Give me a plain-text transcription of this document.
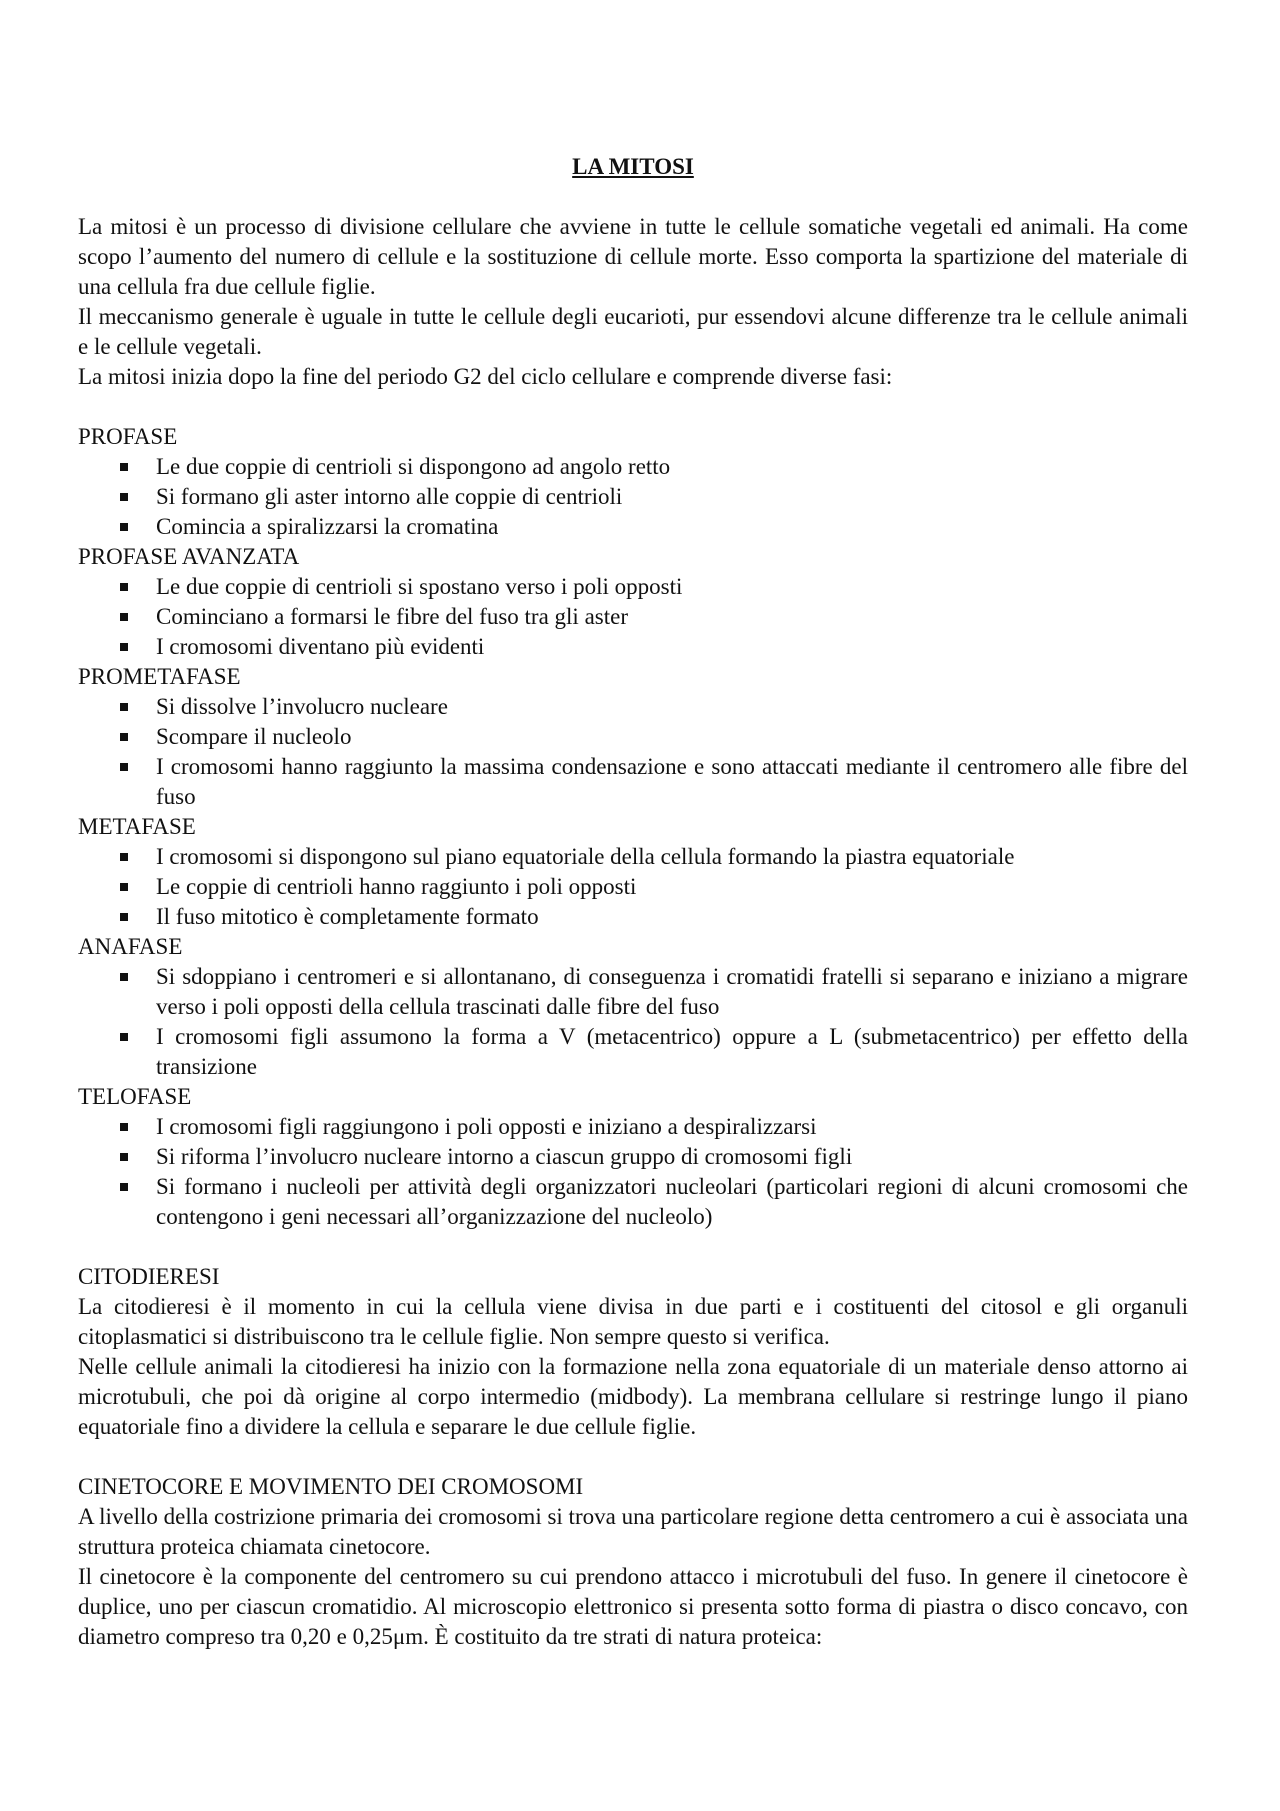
LA MITOSI

La mitosi è un processo di divisione cellulare che avviene in tutte le cellule somatiche vegetali ed animali. Ha come scopo l’aumento del numero di cellule e la sostituzione di cellule morte. Esso comporta la spartizione del materiale di una cellula fra due cellule figlie.

Il meccanismo generale è uguale in tutte le cellule degli eucarioti, pur essendovi alcune differenze tra le cellule animali e le cellule vegetali.

La mitosi inizia dopo la fine del periodo G2 del ciclo cellulare e comprende diverse fasi:

PROFASE
Le due coppie di centrioli si dispongono ad angolo retto
Si formano gli aster intorno alle coppie di centrioli
Comincia a spiralizzarsi la cromatina
PROFASE AVANZATA
Le due coppie di centrioli si spostano verso i poli opposti
Cominciano a formarsi le fibre del fuso tra gli aster
I cromosomi diventano più evidenti
PROMETAFASE
Si dissolve l’involucro nucleare
Scompare il nucleolo
I cromosomi hanno raggiunto la massima condensazione e sono attaccati mediante il centromero alle fibre del fuso
METAFASE
I cromosomi si dispongono sul piano equatoriale della cellula formando la piastra equatoriale
Le coppie di centrioli hanno raggiunto i poli opposti
Il fuso mitotico è completamente formato
ANAFASE
Si sdoppiano i centromeri e si allontanano, di conseguenza i cromatidi fratelli si separano e iniziano a migrare verso i poli opposti della cellula trascinati dalle fibre del fuso
I cromosomi figli assumono la forma a V (metacentrico) oppure a L (submetacentrico) per effetto della transizione
TELOFASE
I cromosomi figli raggiungono i poli opposti e iniziano a despiralizzarsi
Si riforma l’involucro nucleare intorno a ciascun gruppo di cromosomi figli
Si formano i nucleoli per attività degli organizzatori nucleolari (particolari regioni di alcuni cromosomi che contengono i geni necessari all’organizzazione del nucleolo)
CITODIERESI

La citodieresi è il momento in cui la cellula viene divisa in due parti e i costituenti del citosol e gli organuli citoplasmatici si distribuiscono tra le cellule figlie. Non sempre questo si verifica.

Nelle cellule animali la citodieresi ha inizio con la formazione nella zona equatoriale di un materiale denso attorno ai microtubuli, che poi dà origine al corpo intermedio (midbody). La membrana cellulare si restringe lungo il piano equatoriale fino a dividere la cellula e separare le due cellule figlie.

CINETOCORE E MOVIMENTO DEI CROMOSOMI

A livello della costrizione primaria dei cromosomi si trova una particolare regione detta centromero a cui è associata una struttura proteica chiamata cinetocore.

Il cinetocore è la componente del centromero su cui prendono attacco i microtubuli del fuso. In genere il cinetocore è duplice, uno per ciascun cromatidio. Al microscopio elettronico si presenta sotto forma di piastra o disco concavo, con diametro compreso tra 0,20 e 0,25μm. È costituito da tre strati di natura proteica:
